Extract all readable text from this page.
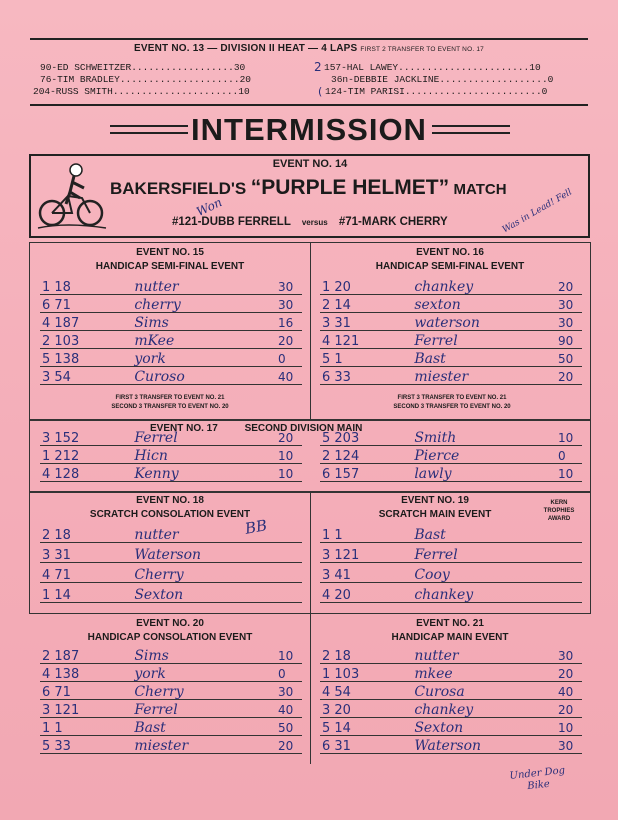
EVENT NO. 13 — DIVISION II HEAT — 4 LAPS FIRST 2 TRANSFER TO EVENT NO. 17
90-ED SCHWEITZER..................30
76-TIM BRADLEY.....................20
204-RUSS SMITH......................10
2 157-HAL LAWEY.......................10
36n-DEBBIE JACKLINE...................0
( 124-TIM PARISI........................0
INTERMISSION
EVENT NO. 14
BAKERSFIELD'S “PURPLE HELMET” MATCH
#121-DUBB FERRELL versus #71-MARK CHERRY
Won	Was in Lead! Fell
EVENT NO. 15
HANDICAP SEMI-FINAL EVENT
1 18	nutter	30
6 71	cherry	30
4 187	Sims	16
2 103	mKee	20
5 138	york	0
3 54	Curoso	40
FIRST 3 TRANSFER TO EVENT NO. 21
SECOND 3 TRANSFER TO EVENT NO. 20
EVENT NO. 16
HANDICAP SEMI-FINAL EVENT
1 20	chankey	20
2 14	sexton	30
3 31	waterson	30
4 121	Ferrel	90
5 1	Bast	50
6 33	miester	20
FIRST 3 TRANSFER TO EVENT NO. 21
SECOND 3 TRANSFER TO EVENT NO. 20
EVENT NO. 17	SECOND DIVISION MAIN
3 152	Ferrel	20
1 212	Hicn	10
4 128	Kenny	10
5 203	Smith	10
2 124	Pierce	0
6 157	lawly	10
EVENT NO. 18
SCRATCH CONSOLATION EVENT
BB
2 18	nutter
3 31	Waterson
4 71	Cherry
1 14	Sexton
EVENT NO. 19
SCRATCH MAIN EVENT
KERN
TROPHIES
AWARD
1 1	Bast
3 121	Ferrel
3 41	Cooy
4 20	chankey
EVENT NO. 20
HANDICAP CONSOLATION EVENT
2 187	Sims	10
4 138	york	0
6 71	Cherry	30
3 121	Ferrel	40
1 1	Bast	50
5 33	miester	20
EVENT NO. 21
HANDICAP MAIN EVENT
2 18	nutter	30
1 103	mkee	20
4 54	Curosa	40
3 20	chankey	20
5 14	Sexton	10
6 31	Waterson	30
Under Dog Bike
